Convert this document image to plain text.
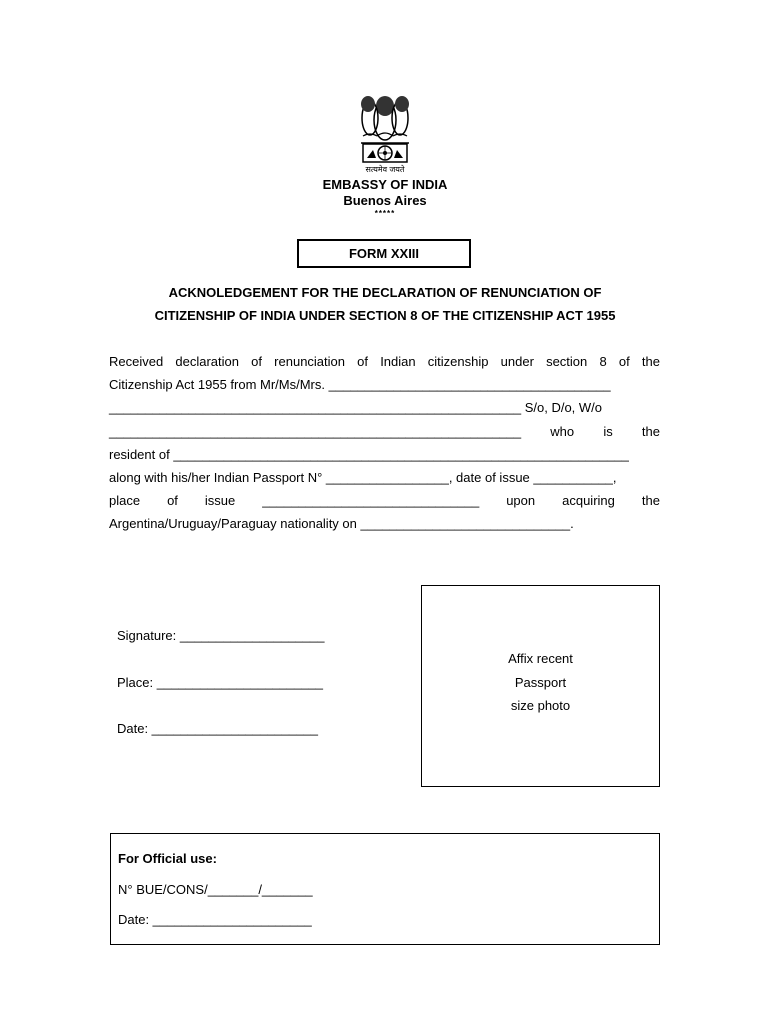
सत्यमेव जयते
EMBASSY OF INDIA
Buenos Aires
*****
FORM XXIII
ACKNOLEDGEMENT FOR THE DECLARATION OF RENUNCIATION OF
CITIZENSHIP OF INDIA UNDER SECTION 8 OF THE CITIZENSHIP ACT 1955
Received declaration of renunciation of Indian citizenship under section 8 of the
Citizenship Act 1955 from Mr/Ms/Mrs. _______________________________________
_________________________________________________________ S/o, D/o, W/o
_________________________________________________________ who is the
resident of _______________________________________________________________
along with his/her Indian Passport N° _________________, date of issue ___________,
place of issue ______________________________ upon acquiring the
Argentina/Uruguay/Paraguay nationality on _____________________________.
Signature: ____________________
Place: _______________________
Date: _______________________
Affix recent
Passport
size photo
For Official use:
N° BUE/CONS/_______/_______
Date: ______________________
